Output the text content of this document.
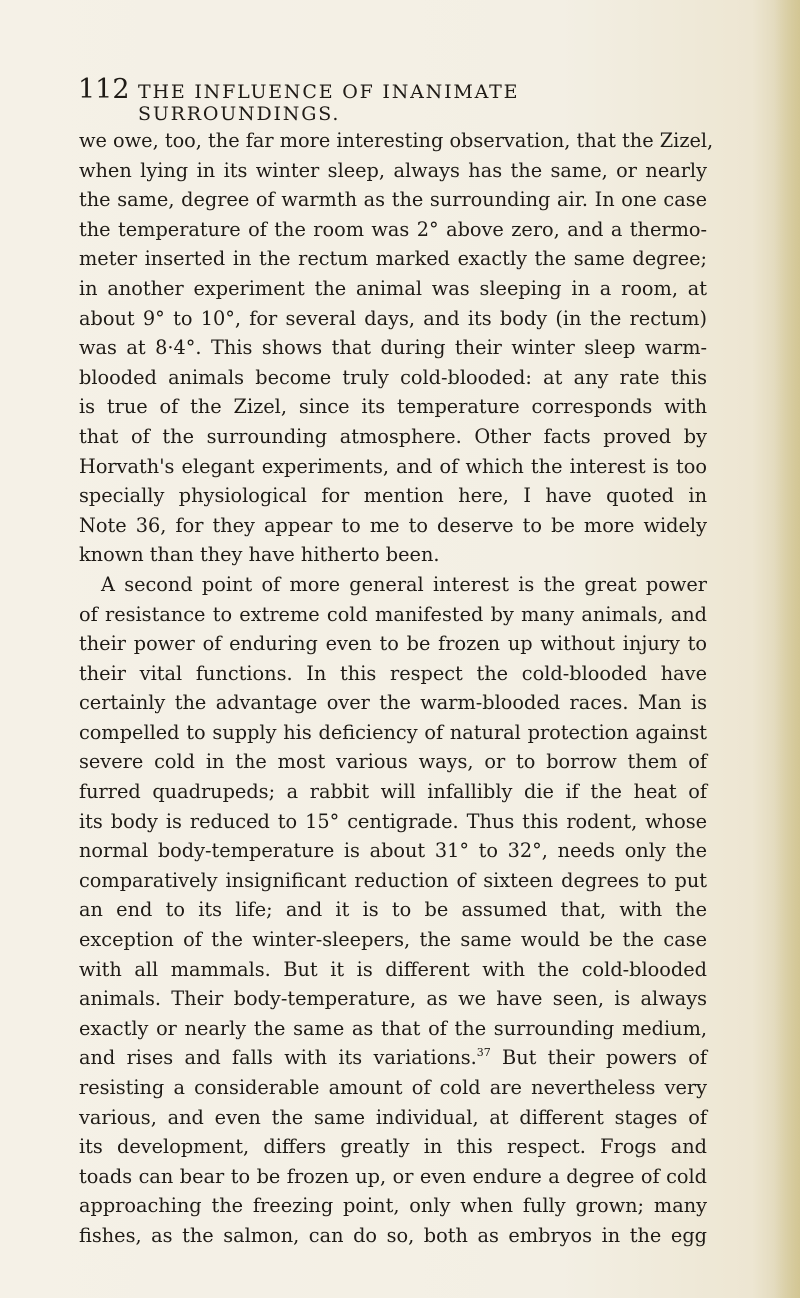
112 THE INFLUENCE OF INANIMATE SURROUNDINGS.
we owe, too, the far more interesting observation, that the Zizel,
when lying in its winter sleep, always has the same, or nearly
the same, degree of warmth as the surrounding air. In one case
the temperature of the room was 2° above zero, and a thermo-
meter inserted in the rectum marked exactly the same degree;
in another experiment the animal was sleeping in a room, at
about 9° to 10°, for several days, and its body (in the rectum)
was at 8·4°. This shows that during their winter sleep warm-
blooded animals become truly cold-blooded: at any rate this
is true of the Zizel, since its temperature corresponds with
that of the surrounding atmosphere. Other facts proved by
Horvath's elegant experiments, and of which the interest is too
specially physiological for mention here, I have quoted in
Note 36, for they appear to me to deserve to be more widely
known than they have hitherto been.
A second point of more general interest is the great power
of resistance to extreme cold manifested by many animals, and
their power of enduring even to be frozen up without injury to
their vital functions. In this respect the cold-blooded have
certainly the advantage over the warm-blooded races. Man is
compelled to supply his deficiency of natural protection against
severe cold in the most various ways, or to borrow them of
furred quadrupeds; a rabbit will infallibly die if the heat of
its body is reduced to 15° centigrade. Thus this rodent, whose
normal body-temperature is about 31° to 32°, needs only the
comparatively insignificant reduction of sixteen degrees to put
an end to its life; and it is to be assumed that, with the
exception of the winter-sleepers, the same would be the case
with all mammals. But it is different with the cold-blooded
animals. Their body-temperature, as we have seen, is always
exactly or nearly the same as that of the surrounding medium,
and rises and falls with its variations.$^{37}$ But their powers of
resisting a considerable amount of cold are nevertheless very
various, and even the same individual, at different stages of
its development, differs greatly in this respect. Frogs and
toads can bear to be frozen up, or even endure a degree of cold
approaching the freezing point, only when fully grown; many
fishes, as the salmon, can do so, both as embryos in the egg
